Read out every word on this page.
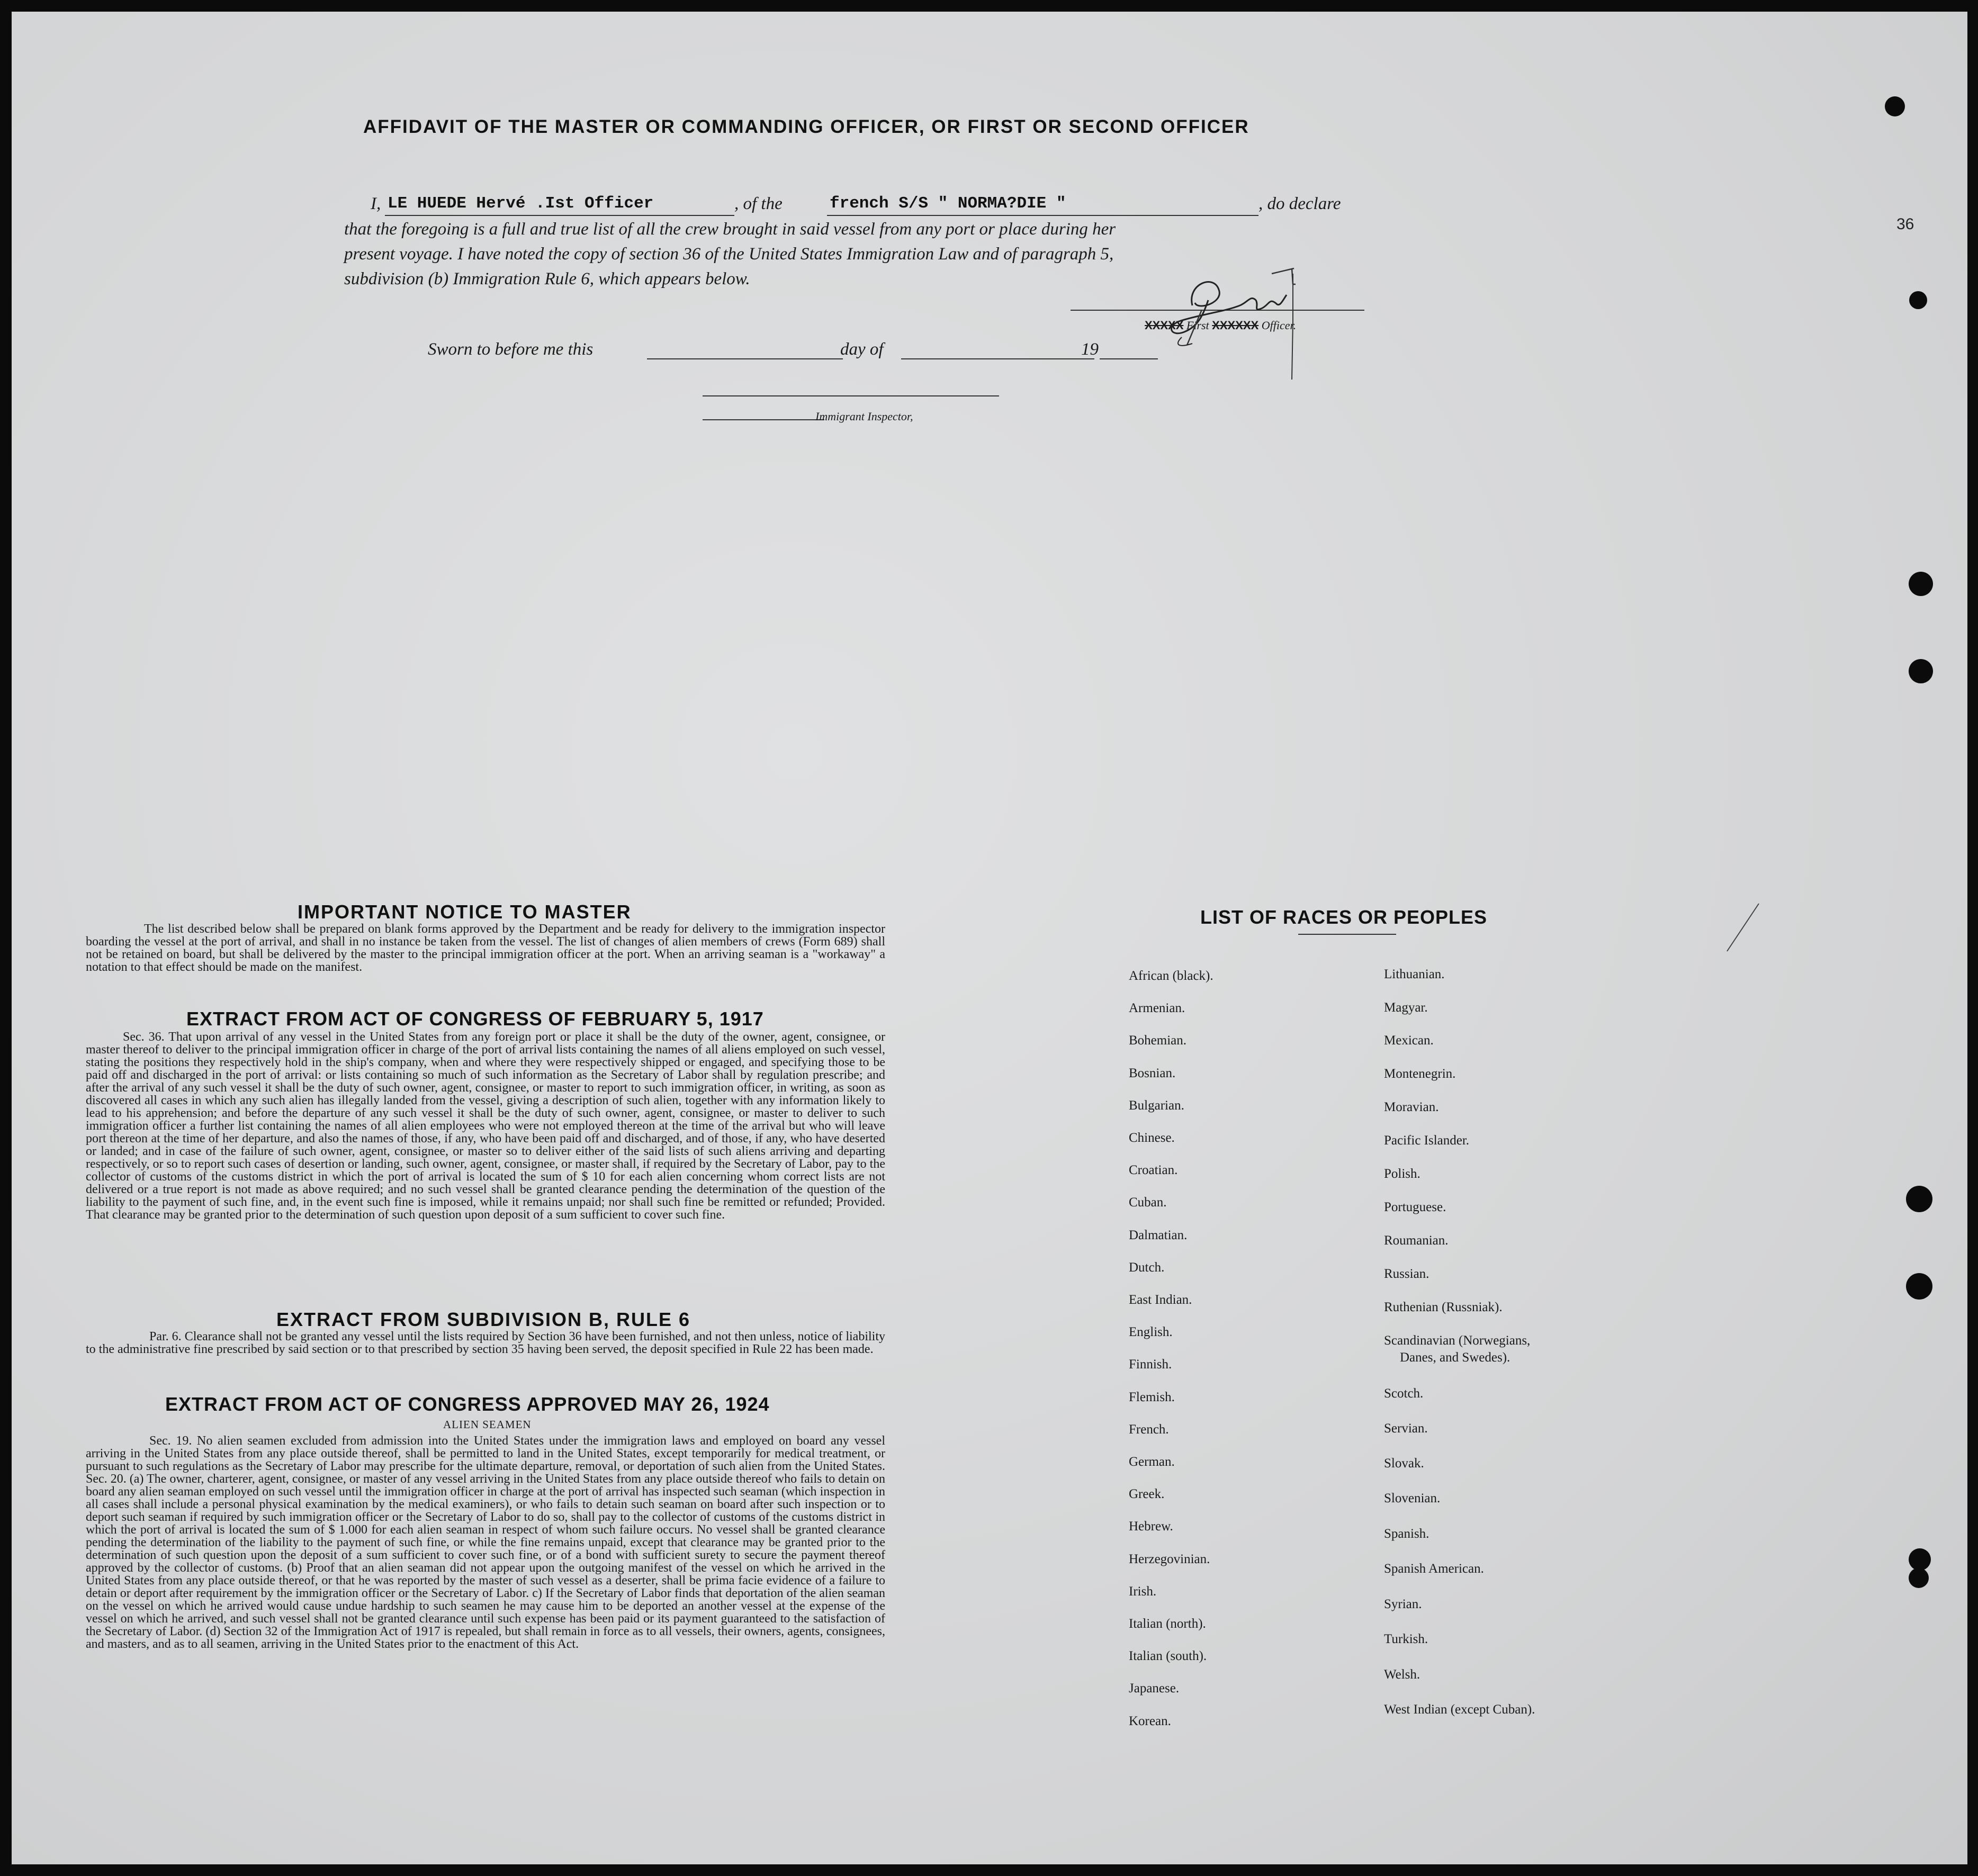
AFFIDAVIT OF THE MASTER OR COMMANDING OFFICER, OR FIRST OR SECOND OFFICER
I, LE HUEDE Hervé .Ist Officer	, of the	french S/S " NORMA?DIE "	, do declare
that the foregoing is a full and true list of all the crew brought in said vessel from any port or place during her
present voyage. I have noted the copy of section 36 of the United States Immigration Law and of paragraph 5,
subdivision (b) Immigration Rule 6, which appears below.
XXXXX First XXXXXX Officer.
Sworn to before me this	day of	19
Immigrant Inspector,
IMPORTANT NOTICE TO MASTER

The list described below shall be prepared on blank forms approved by the Department and be ready for delivery to the immigration inspector boarding the vessel at the port of arrival, and shall in no instance be taken from the vessel. The list of changes of alien members of crews (Form 689) shall not be retained on board, but shall be delivered by the master to the principal immigration officer at the port. When an arriving seaman is a "workaway" a notation to that effect should be made on the manifest.

EXTRACT FROM ACT OF CONGRESS OF FEBRUARY 5, 1917

Sec. 36. That upon arrival of any vessel in the United States from any foreign port or place it shall be the duty of the owner, agent, consignee, or master thereof to deliver to the principal immigration officer in charge of the port of arrival lists containing the names of all aliens employed on such vessel, stating the positions they respectively hold in the ship's company, when and where they were respectively shipped or engaged, and specifying those to be paid off and discharged in the port of arrival: or lists containing so much of such information as the Secretary of Labor shall by regulation prescribe; and after the arrival of any such vessel it shall be the duty of such owner, agent, consignee, or master to report to such immigration officer, in writing, as soon as discovered all cases in which any such alien has illegally landed from the vessel, giving a description of such alien, together with any information likely to lead to his apprehension; and before the departure of any such vessel it shall be the duty of such owner, agent, consignee, or master to deliver to such immigration officer a further list containing the names of all alien employees who were not employed thereon at the time of the arrival but who will leave port thereon at the time of her departure, and also the names of those, if any, who have been paid off and discharged, and of those, if any, who have deserted or landed; and in case of the failure of such owner, agent, consignee, or master so to deliver either of the said lists of such aliens arriving and departing respectively, or so to report such cases of desertion or landing, such owner, agent, consignee, or master shall, if required by the Secretary of Labor, pay to the collector of customs of the customs district in which the port of arrival is located the sum of $ 10 for each alien concerning whom correct lists are not delivered or a true report is not made as above required; and no such vessel shall be granted clearance pending the determination of the question of the liability to the payment of such fine, and, in the event such fine is imposed, while it remains unpaid; nor shall such fine be remitted or refunded; Provided. That clearance may be granted prior to the determination of such question upon deposit of a sum sufficient to cover such fine.

EXTRACT FROM SUBDIVISION B, RULE 6

Par. 6. Clearance shall not be granted any vessel until the lists required by Section 36 have been furnished, and not then unless, notice of liability to the administrative fine prescribed by said section or to that prescribed by section 35 having been served, the deposit specified in Rule 22 has been made.

EXTRACT FROM ACT OF CONGRESS APPROVED MAY 26, 1924
ALIEN SEAMEN

Sec. 19. No alien seamen excluded from admission into the United States under the immigration laws and employed on board any vessel arriving in the United States from any place outside thereof, shall be permitted to land in the United States, except temporarily for medical treatment, or pursuant to such regulations as the Secretary of Labor may prescribe for the ultimate departure, removal, or deportation of such alien from the United States. Sec. 20. (a) The owner, charterer, agent, consignee, or master of any vessel arriving in the United States from any place outside thereof who fails to detain on board any alien seaman employed on such vessel until the immigration officer in charge at the port of arrival has inspected such seaman (which inspection in all cases shall include a personal physical examination by the medical examiners), or who fails to detain such seaman on board after such inspection or to deport such seaman if required by such immigration officer or the Secretary of Labor to do so, shall pay to the collector of customs of the customs district in which the port of arrival is located the sum of $ 1.000 for each alien seaman in respect of whom such failure occurs. No vessel shall be granted clearance pending the determination of the liability to the payment of such fine, or while the fine remains unpaid, except that clearance may be granted prior to the determination of such question upon the deposit of a sum sufficient to cover such fine, or of a bond with sufficient surety to secure the payment thereof approved by the collector of customs. (b) Proof that an alien seaman did not appear upon the outgoing manifest of the vessel on which he arrived in the United States from any place outside thereof, or that he was reported by the master of such vessel as a deserter, shall be prima facie evidence of a failure to detain or deport after requirement by the immigration officer or the Secretary of Labor. c) If the Secretary of Labor finds that deportation of the alien seaman on the vessel on which he arrived would cause undue hardship to such seamen he may cause him to be deported an another vessel at the expense of the vessel on which he arrived, and such vessel shall not be granted clearance until such expense has been paid or its payment guaranteed to the satisfaction of the Secretary of Labor. (d) Section 32 of the Immigration Act of 1917 is repealed, but shall remain in force as to all vessels, their owners, agents, consignees, and masters, and as to all seamen, arriving in the United States prior to the enactment of this Act.

LIST OF RACES OR PEOPLES
36
African (black).
Armenian.
Bohemian.
Bosnian.
Bulgarian.
Chinese.
Croatian.
Cuban.
Dalmatian.
Dutch.
East Indian.
English.
Finnish.
Flemish.
French.
German.
Greek.
Hebrew.
Herzegovinian.
Irish.
Italian (north).
Italian (south).
Japanese.
Korean.
Lithuanian.
Magyar.
Mexican.
Montenegrin.
Moravian.
Pacific Islander.
Polish.
Portuguese.
Roumanian.
Russian.
Ruthenian (Russniak).
Scandinavian (Norwegians,
Danes, and Swedes).
Scotch.
Servian.
Slovak.
Slovenian.
Spanish.
Spanish American.
Syrian.
Turkish.
Welsh.
West Indian (except Cuban).
